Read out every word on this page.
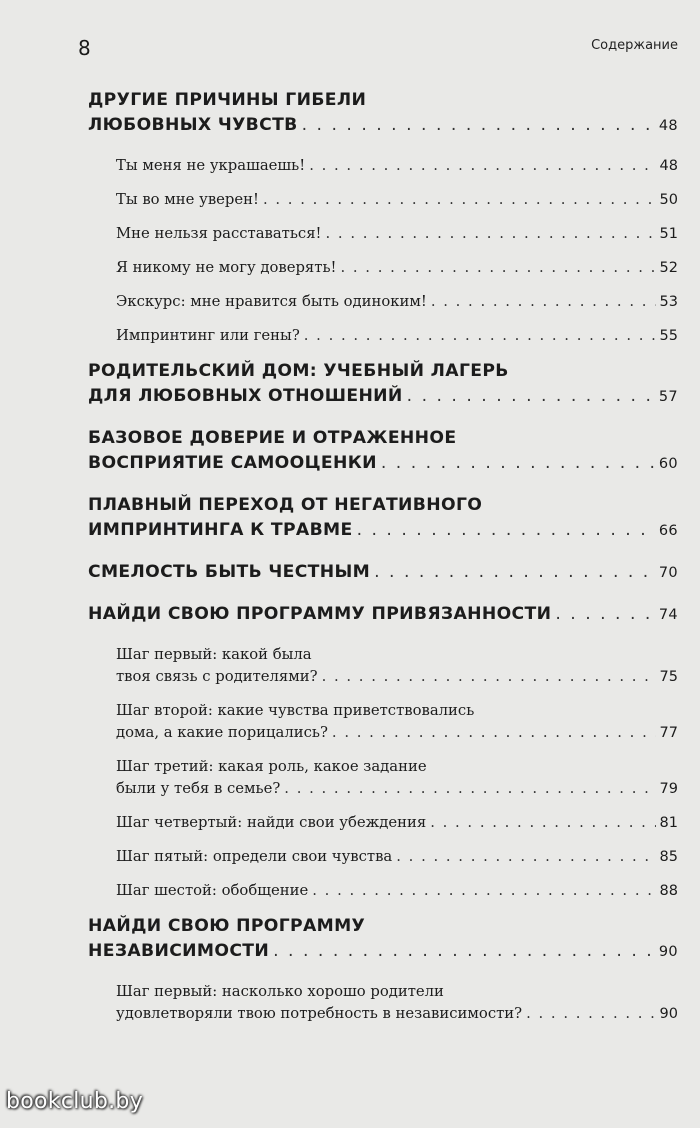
8	Содержание
ДРУГИЕ ПРИЧИНЫ ГИБЕЛИ
ЛЮБОВНЫХ ЧУВСТВ . . .	48
Ты меня не украшаешь! . . .	48
Ты во мне уверен! . . .	50
Мне нельзя расставаться! . . .	51
Я никому не могу доверять! . . .	52
Экскурс: мне нравится быть одиноким! . . .	53
Импринтинг или гены? . . .	55
РОДИТЕЛЬСКИЙ ДОМ: УЧЕБНЫЙ ЛАГЕРЬ
ДЛЯ ЛЮБОВНЫХ ОТНОШЕНИЙ . . .	57
БАЗОВОЕ ДОВЕРИЕ И ОТРАЖЕННОЕ
ВОСПРИЯТИЕ САМООЦЕНКИ . . .	60
ПЛАВНЫЙ ПЕРЕХОД ОТ НЕГАТИВНОГО
ИМПРИНТИНГА К ТРАВМЕ . . .	66
СМЕЛОСТЬ БЫТЬ ЧЕСТНЫМ . . .	70
НАЙДИ СВОЮ ПРОГРАММУ ПРИВЯЗАННОСТИ . . .	74
Шаг первый: какой была
твоя связь с родителями? . . .	75
Шаг второй: какие чувства приветствовались
дома, а какие порицались? . . .	77
Шаг третий: какая роль, какое задание
были у тебя в семье? . . .	79
Шаг четвертый: найди свои убеждения . . .	81
Шаг пятый: определи свои чувства . . .	85
Шаг шестой: обобщение . . .	88
НАЙДИ СВОЮ ПРОГРАММУ
НЕЗАВИСИМОСТИ . . .	90
Шаг первый: насколько хорошо родители
удовлетворяли твою потребность в независимости? . . .	90
bookclub.by
